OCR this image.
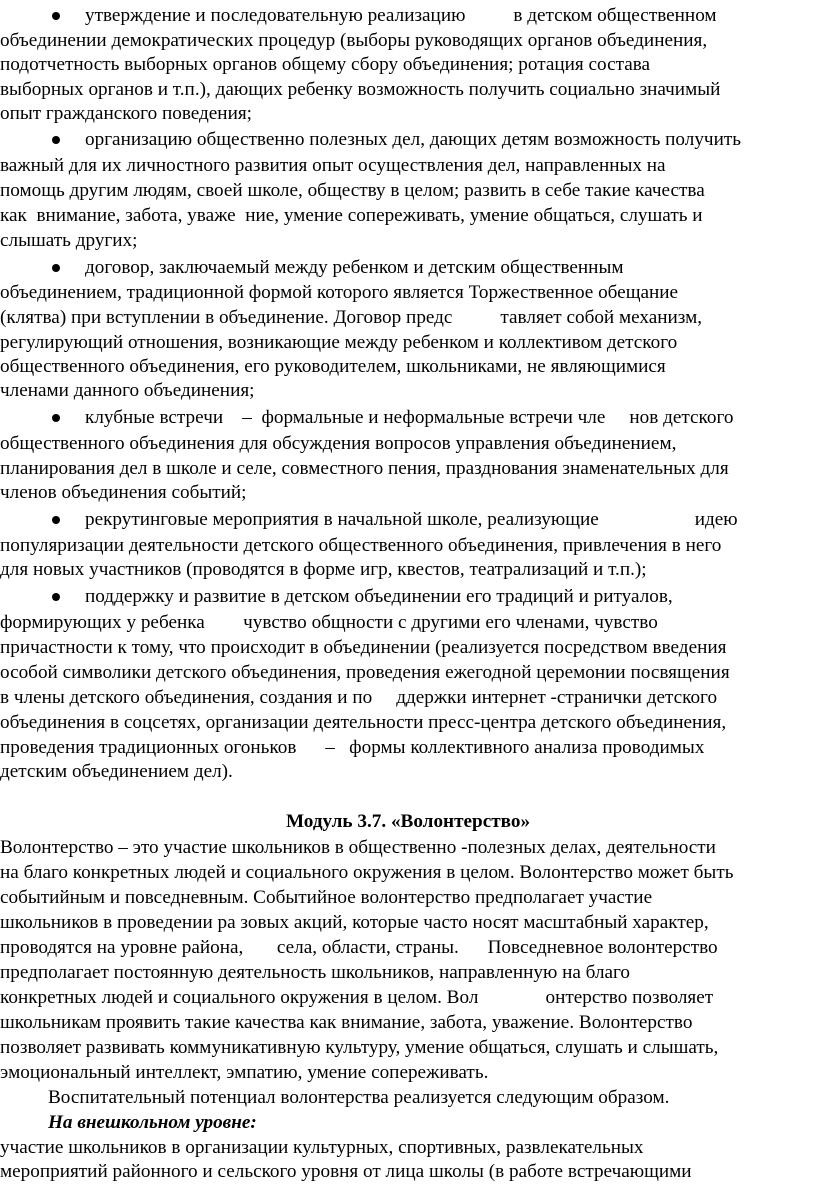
утверждение и последовательную реализацию          в детском общественном
объединении демократических процедур (выборы руководящих органов объединения,
подотчетность выборных органов общему сбору объединения; ротация состава
выборных органов и т.п.), дающих ребенку возможность получить социально значимый
опыт гражданского поведения;
организацию общественно полезных дел, дающих детям возможность получить
важный для их личностного развития опыт осуществления дел, направленных на
помощь другим людям, своей школе, обществу в целом; развить в себе такие качества
как  внимание, забота, уваже  ние, умение сопереживать, умение общаться, слушать и
слышать других;
договор, заключаемый между ребенком и детским общественным
объединением, традиционной формой которого является Торжественное обещание
(клятва) при вступлении в объединение. Договор предс          тавляет собой механизм,
регулирующий отношения, возникающие между ребенком и коллективом детского
общественного объединения, его руководителем, школьниками, не являющимися
членами данного объединения;
клубные встречи    –  формальные и неформальные встречи чле     нов детского
общественного объединения для обсуждения вопросов управления объединением,
планирования дел в школе и селе, совместного пения, празднования знаменательных для
членов объединения событий;
рекрутинговые мероприятия в начальной школе, реализующие                    идею
популяризации деятельности детского общественного объединения, привлечения в него
для новых участников (проводятся в форме игр, квестов, театрализаций и т.п.);
поддержку и развитие в детском объединении его традиций и ритуалов,
формирующих у ребенка        чувство общности с другими его членами, чувство
причастности к тому, что происходит в объединении (реализуется посредством введения
особой символики детского объединения, проведения ежегодной церемонии посвящения
в члены детского объединения, создания и по     ддержки интернет -странички детского
объединения в соцсетях, организации деятельности пресс-центра детского объединения,
проведения традиционных огоньков      –   формы коллективного анализа проводимых
детским объединением дел).
Модуль 3.7. «Волонтерство»
Волонтерство – это участие школьников в общественно -полезных делах, деятельности
на благо конкретных людей и социального окружения в целом. Волонтерство может быть
событийным и повседневным. Событийное волонтерство предполагает участие
школьников в проведении ра зовых акций, которые часто носят масштабный характер,
проводятся на уровне района,       села, области, страны.      Повседневное волонтерство
предполагает постоянную деятельность школьников, направленную на благо
конкретных людей и социального окружения в целом. Вол              онтерство позволяет
школьникам проявить такие качества как внимание, забота, уважение. Волонтерство
позволяет развивать коммуникативную культуру, умение общаться, слушать и слышать,
эмоциональный интеллект, эмпатию, умение сопереживать.
Воспитательный потенциал волонтерства реализуется следующим образом.
На внешкольном уровне:
участие школьников в организации культурных, спортивных, развлекательных
мероприятий районного и сельского уровня от лица школы (в работе встречающими
